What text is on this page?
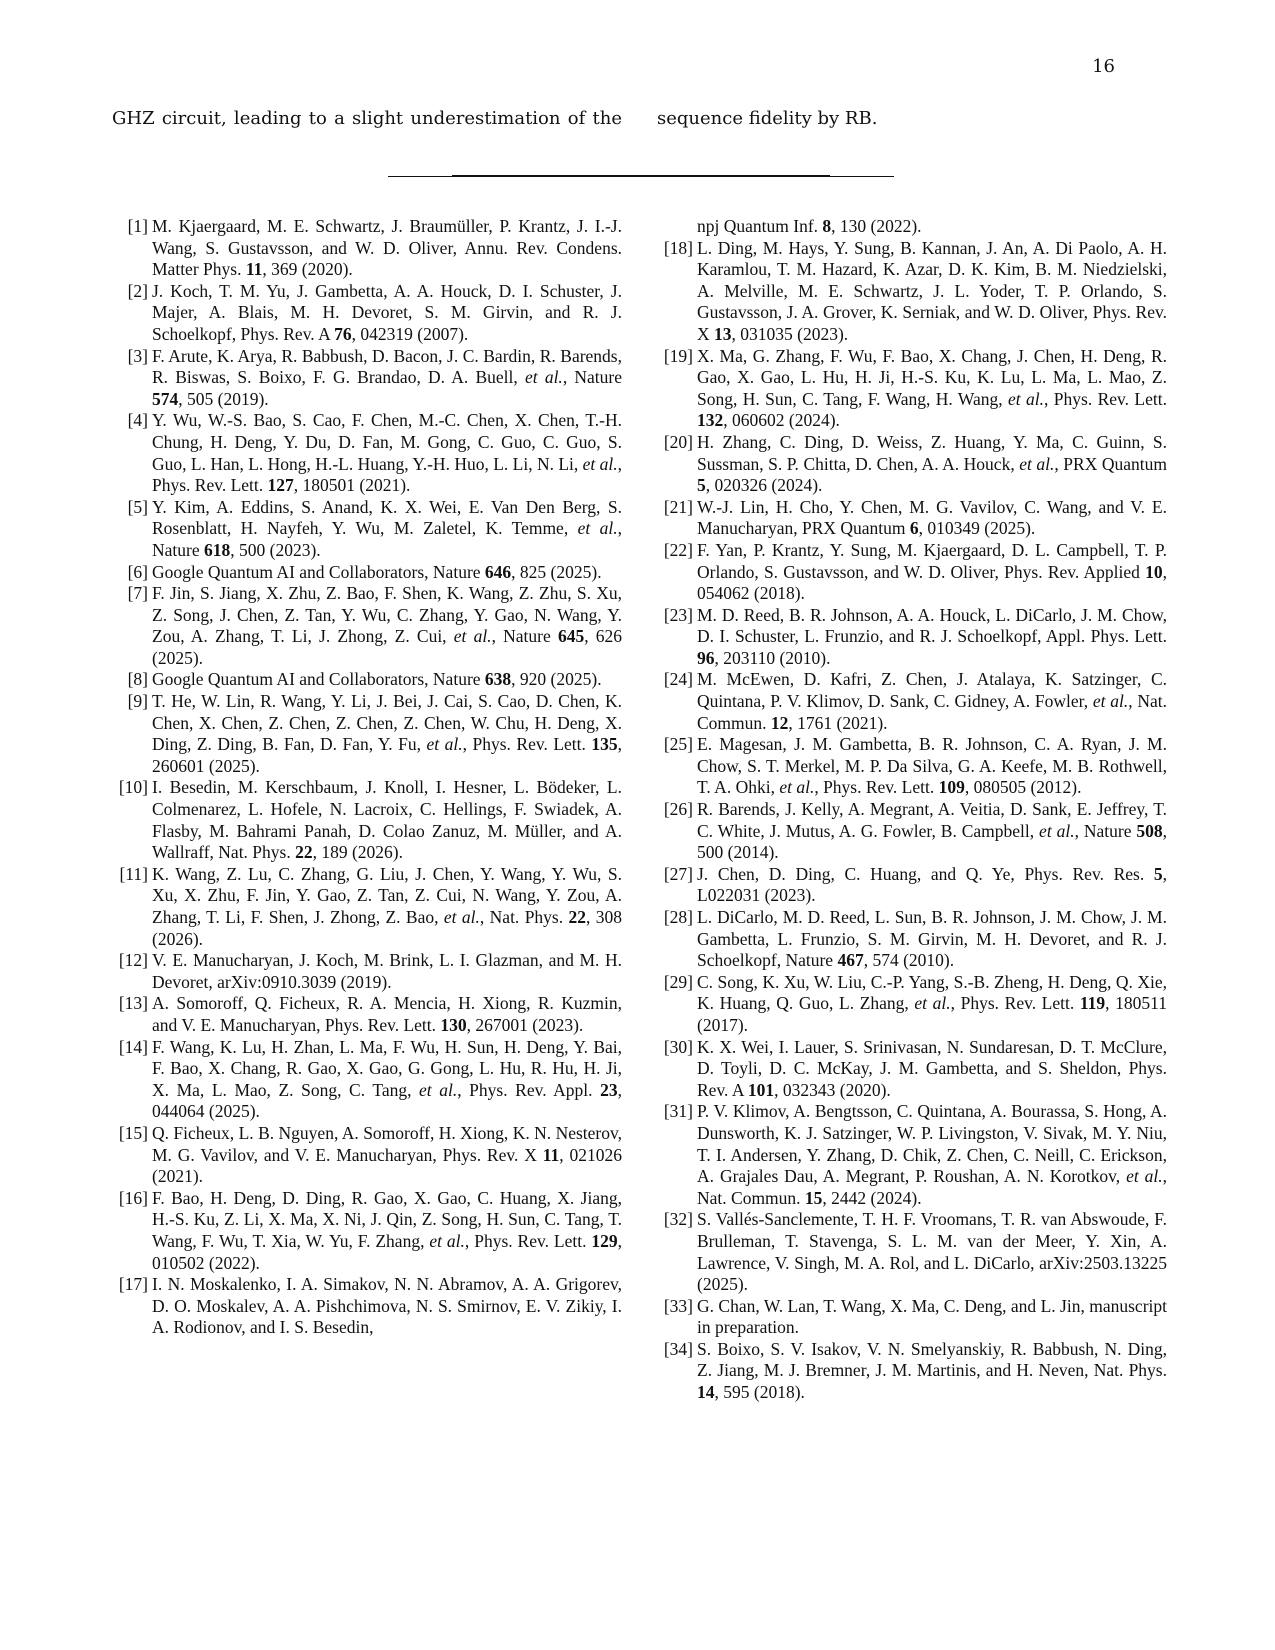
16
GHZ circuit, leading to a slight underestimation of the sequence fidelity by RB.
[1] M. Kjaergaard, M. E. Schwartz, J. Braumüller, P. Krantz, J. I.-J. Wang, S. Gustavsson, and W. D. Oliver, Annu. Rev. Condens. Matter Phys. 11, 369 (2020).
[2] J. Koch, T. M. Yu, J. Gambetta, A. A. Houck, D. I. Schuster, J. Majer, A. Blais, M. H. Devoret, S. M. Girvin, and R. J. Schoelkopf, Phys. Rev. A 76, 042319 (2007).
[3] F. Arute, K. Arya, R. Babbush, D. Bacon, J. C. Bardin, R. Barends, R. Biswas, S. Boixo, F. G. Brandao, D. A. Buell, et al., Nature 574, 505 (2019).
[4] Y. Wu, W.-S. Bao, S. Cao, F. Chen, M.-C. Chen, X. Chen, T.-H. Chung, H. Deng, Y. Du, D. Fan, M. Gong, C. Guo, C. Guo, S. Guo, L. Han, L. Hong, H.-L. Huang, Y.-H. Huo, L. Li, N. Li, et al., Phys. Rev. Lett. 127, 180501 (2021).
[5] Y. Kim, A. Eddins, S. Anand, K. X. Wei, E. Van Den Berg, S. Rosenblatt, H. Nayfeh, Y. Wu, M. Zaletel, K. Temme, et al., Nature 618, 500 (2023).
[6] Google Quantum AI and Collaborators, Nature 646, 825 (2025).
[7] F. Jin, S. Jiang, X. Zhu, Z. Bao, F. Shen, K. Wang, Z. Zhu, S. Xu, Z. Song, J. Chen, Z. Tan, Y. Wu, C. Zhang, Y. Gao, N. Wang, Y. Zou, A. Zhang, T. Li, J. Zhong, Z. Cui, et al., Nature 645, 626 (2025).
[8] Google Quantum AI and Collaborators, Nature 638, 920 (2025).
[9] T. He, W. Lin, R. Wang, Y. Li, J. Bei, J. Cai, S. Cao, D. Chen, K. Chen, X. Chen, Z. Chen, Z. Chen, Z. Chen, W. Chu, H. Deng, X. Ding, Z. Ding, B. Fan, D. Fan, Y. Fu, et al., Phys. Rev. Lett. 135, 260601 (2025).
[10] I. Besedin, M. Kerschbaum, J. Knoll, I. Hesner, L. Bödeker, L. Colmenarez, L. Hofele, N. Lacroix, C. Hellings, F. Swiadek, A. Flasby, M. Bahrami Panah, D. Colao Zanuz, M. Müller, and A. Wallraff, Nat. Phys. 22, 189 (2026).
[11] K. Wang, Z. Lu, C. Zhang, G. Liu, J. Chen, Y. Wang, Y. Wu, S. Xu, X. Zhu, F. Jin, Y. Gao, Z. Tan, Z. Cui, N. Wang, Y. Zou, A. Zhang, T. Li, F. Shen, J. Zhong, Z. Bao, et al., Nat. Phys. 22, 308 (2026).
[12] V. E. Manucharyan, J. Koch, M. Brink, L. I. Glazman, and M. H. Devoret, arXiv:0910.3039 (2019).
[13] A. Somoroff, Q. Ficheux, R. A. Mencia, H. Xiong, R. Kuzmin, and V. E. Manucharyan, Phys. Rev. Lett. 130, 267001 (2023).
[14] F. Wang, K. Lu, H. Zhan, L. Ma, F. Wu, H. Sun, H. Deng, Y. Bai, F. Bao, X. Chang, R. Gao, X. Gao, G. Gong, L. Hu, R. Hu, H. Ji, X. Ma, L. Mao, Z. Song, C. Tang, et al., Phys. Rev. Appl. 23, 044064 (2025).
[15] Q. Ficheux, L. B. Nguyen, A. Somoroff, H. Xiong, K. N. Nesterov, M. G. Vavilov, and V. E. Manucharyan, Phys. Rev. X 11, 021026 (2021).
[16] F. Bao, H. Deng, D. Ding, R. Gao, X. Gao, C. Huang, X. Jiang, H.-S. Ku, Z. Li, X. Ma, X. Ni, J. Qin, Z. Song, H. Sun, C. Tang, T. Wang, F. Wu, T. Xia, W. Yu, F. Zhang, et al., Phys. Rev. Lett. 129, 010502 (2022).
[17] I. N. Moskalenko, I. A. Simakov, N. N. Abramov, A. A. Grigorev, D. O. Moskalev, A. A. Pishchimova, N. S. Smirnov, E. V. Zikiy, I. A. Rodionov, and I. S. Besedin,
npj Quantum Inf. 8, 130 (2022).
[18] L. Ding, M. Hays, Y. Sung, B. Kannan, J. An, A. Di Paolo, A. H. Karamlou, T. M. Hazard, K. Azar, D. K. Kim, B. M. Niedzielski, A. Melville, M. E. Schwartz, J. L. Yoder, T. P. Orlando, S. Gustavsson, J. A. Grover, K. Serniak, and W. D. Oliver, Phys. Rev. X 13, 031035 (2023).
[19] X. Ma, G. Zhang, F. Wu, F. Bao, X. Chang, J. Chen, H. Deng, R. Gao, X. Gao, L. Hu, H. Ji, H.-S. Ku, K. Lu, L. Ma, L. Mao, Z. Song, H. Sun, C. Tang, F. Wang, H. Wang, et al., Phys. Rev. Lett. 132, 060602 (2024).
[20] H. Zhang, C. Ding, D. Weiss, Z. Huang, Y. Ma, C. Guinn, S. Sussman, S. P. Chitta, D. Chen, A. A. Houck, et al., PRX Quantum 5, 020326 (2024).
[21] W.-J. Lin, H. Cho, Y. Chen, M. G. Vavilov, C. Wang, and V. E. Manucharyan, PRX Quantum 6, 010349 (2025).
[22] F. Yan, P. Krantz, Y. Sung, M. Kjaergaard, D. L. Campbell, T. P. Orlando, S. Gustavsson, and W. D. Oliver, Phys. Rev. Applied 10, 054062 (2018).
[23] M. D. Reed, B. R. Johnson, A. A. Houck, L. DiCarlo, J. M. Chow, D. I. Schuster, L. Frunzio, and R. J. Schoelkopf, Appl. Phys. Lett. 96, 203110 (2010).
[24] M. McEwen, D. Kafri, Z. Chen, J. Atalaya, K. Satzinger, C. Quintana, P. V. Klimov, D. Sank, C. Gidney, A. Fowler, et al., Nat. Commun. 12, 1761 (2021).
[25] E. Magesan, J. M. Gambetta, B. R. Johnson, C. A. Ryan, J. M. Chow, S. T. Merkel, M. P. Da Silva, G. A. Keefe, M. B. Rothwell, T. A. Ohki, et al., Phys. Rev. Lett. 109, 080505 (2012).
[26] R. Barends, J. Kelly, A. Megrant, A. Veitia, D. Sank, E. Jeffrey, T. C. White, J. Mutus, A. G. Fowler, B. Campbell, et al., Nature 508, 500 (2014).
[27] J. Chen, D. Ding, C. Huang, and Q. Ye, Phys. Rev. Res. 5, L022031 (2023).
[28] L. DiCarlo, M. D. Reed, L. Sun, B. R. Johnson, J. M. Chow, J. M. Gambetta, L. Frunzio, S. M. Girvin, M. H. Devoret, and R. J. Schoelkopf, Nature 467, 574 (2010).
[29] C. Song, K. Xu, W. Liu, C.-P. Yang, S.-B. Zheng, H. Deng, Q. Xie, K. Huang, Q. Guo, L. Zhang, et al., Phys. Rev. Lett. 119, 180511 (2017).
[30] K. X. Wei, I. Lauer, S. Srinivasan, N. Sundaresan, D. T. McClure, D. Toyli, D. C. McKay, J. M. Gambetta, and S. Sheldon, Phys. Rev. A 101, 032343 (2020).
[31] P. V. Klimov, A. Bengtsson, C. Quintana, A. Bourassa, S. Hong, A. Dunsworth, K. J. Satzinger, W. P. Livingston, V. Sivak, M. Y. Niu, T. I. Andersen, Y. Zhang, D. Chik, Z. Chen, C. Neill, C. Erickson, A. Grajales Dau, A. Megrant, P. Roushan, A. N. Korotkov, et al., Nat. Commun. 15, 2442 (2024).
[32] S. Vallés-Sanclemente, T. H. F. Vroomans, T. R. van Abswoude, F. Brulleman, T. Stavenga, S. L. M. van der Meer, Y. Xin, A. Lawrence, V. Singh, M. A. Rol, and L. DiCarlo, arXiv:2503.13225 (2025).
[33] G. Chan, W. Lan, T. Wang, X. Ma, C. Deng, and L. Jin, manuscript in preparation.
[34] S. Boixo, S. V. Isakov, V. N. Smelyanskiy, R. Babbush, N. Ding, Z. Jiang, M. J. Bremner, J. M. Martinis, and H. Neven, Nat. Phys. 14, 595 (2018).
